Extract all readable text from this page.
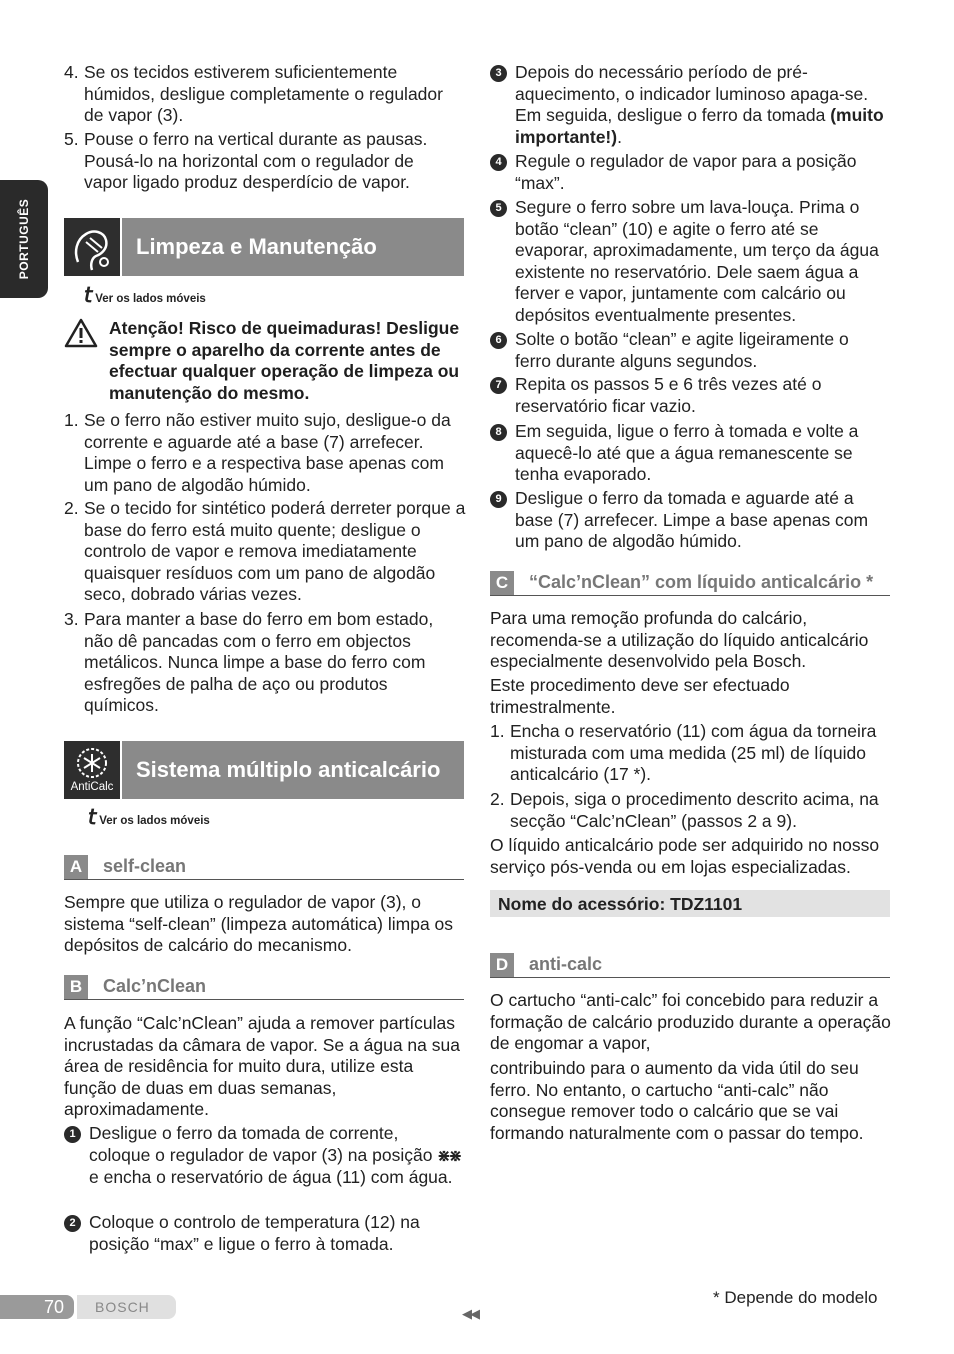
PORTUGUÊS
4. Se os tecidos estiverem suficientemente húmidos, desligue completamente o regulador de vapor (3).
5. Pouse o ferro na vertical durante as pausas. Pousá-lo na horizontal com o regulador de vapor ligado produz desperdício de vapor.
Limpeza e Manutenção
𝘵 Ver os lados móveis
Atenção! Risco de queimaduras! Desligue sempre o aparelho da corrente antes de efectuar qualquer operação de limpeza ou manutenção do mesmo.
1. Se o ferro não estiver muito sujo, desligue-o da corrente e aguarde até a base (7) arrefecer. Limpe o ferro e a respectiva base apenas com um pano de algodão húmido.
2. Se o tecido for sintético poderá derreter porque a base do ferro está muito quente; desligue o controlo de vapor e remova imediatamente quaisquer resíduos com um pano de algodão seco, dobrado várias vezes.
3. Para manter a base do ferro em bom estado, não dê pancadas com o ferro em objectos metálicos. Nunca limpe a base do ferro com esfregões de palha de aço ou produtos químicos.
AntiCalc
Sistema múltiplo anticalcário
𝘵 Ver os lados móveis
A	self-clean
Sempre que utiliza o regulador de vapor (3), o sistema “self-clean” (limpeza automática) limpa os depósitos de calcário do mecanismo.
B	Calc’nClean
A função “Calc’nClean” ajuda a remover partículas incrustadas da câmara de vapor. Se a água na sua área de residência for muito dura, utilize esta função de duas em duas semanas, aproximadamente.
1 Desligue o ferro da tomada de corrente, coloque o regulador de vapor (3) na posição ⋇⋇ e encha o reservatório de água (11) com água.
2 Coloque o controlo de temperatura (12) na posição “max” e ligue o ferro à tomada.
3 Depois do necessário período de pré-aquecimento, o indicador luminoso apaga-se. Em seguida, desligue o ferro da tomada (muito importante!).
4 Regule o regulador de vapor para a posição “max”.
5 Segure o ferro sobre um lava-louça. Prima o botão “clean” (10) e agite o ferro até se evaporar, aproximadamente, um terço da água existente no reservatório. Dele saem água a ferver e vapor, juntamente com calcário ou depósitos eventualmente presentes.
6 Solte o botão “clean” e agite ligeiramente o ferro durante alguns segundos.
7 Repita os passos 5 e 6 três vezes até o reservatório ficar vazio.
8 Em seguida, ligue o ferro à tomada e volte a aquecê-lo até que a água remanescente se tenha evaporado.
9 Desligue o ferro da tomada e aguarde até a base (7) arrefecer. Limpe a base apenas com um pano de algodão húmido.
C	“Calc’nClean” com líquido anticalcário *
Para uma remoção profunda do calcário, recomenda-se a utilização do líquido anticalcário especialmente desenvolvido pela Bosch.
Este procedimento deve ser efectuado trimestralmente.
1. Encha o reservatório (11) com água da torneira misturada com uma medida (25 ml) de líquido anticalcário (17 *).
2. Depois, siga o procedimento descrito acima, na secção “Calc’nClean” (passos 2 a 9).
O líquido anticalcário pode ser adquirido no nosso serviço pós-venda ou em lojas especializadas.
Nome do acessório: TDZ1101
D	anti-calc
O cartucho “anti-calc” foi concebido para reduzir a formação de calcário produzido durante a operação de engomar a vapor,
contribuindo para o aumento da vida útil do seu ferro. No entanto, o cartucho “anti-calc” não consegue remover todo o calcário que se vai formando naturalmente com o passar do tempo.
70 BOSCH	◀◀
* Depende do modelo
